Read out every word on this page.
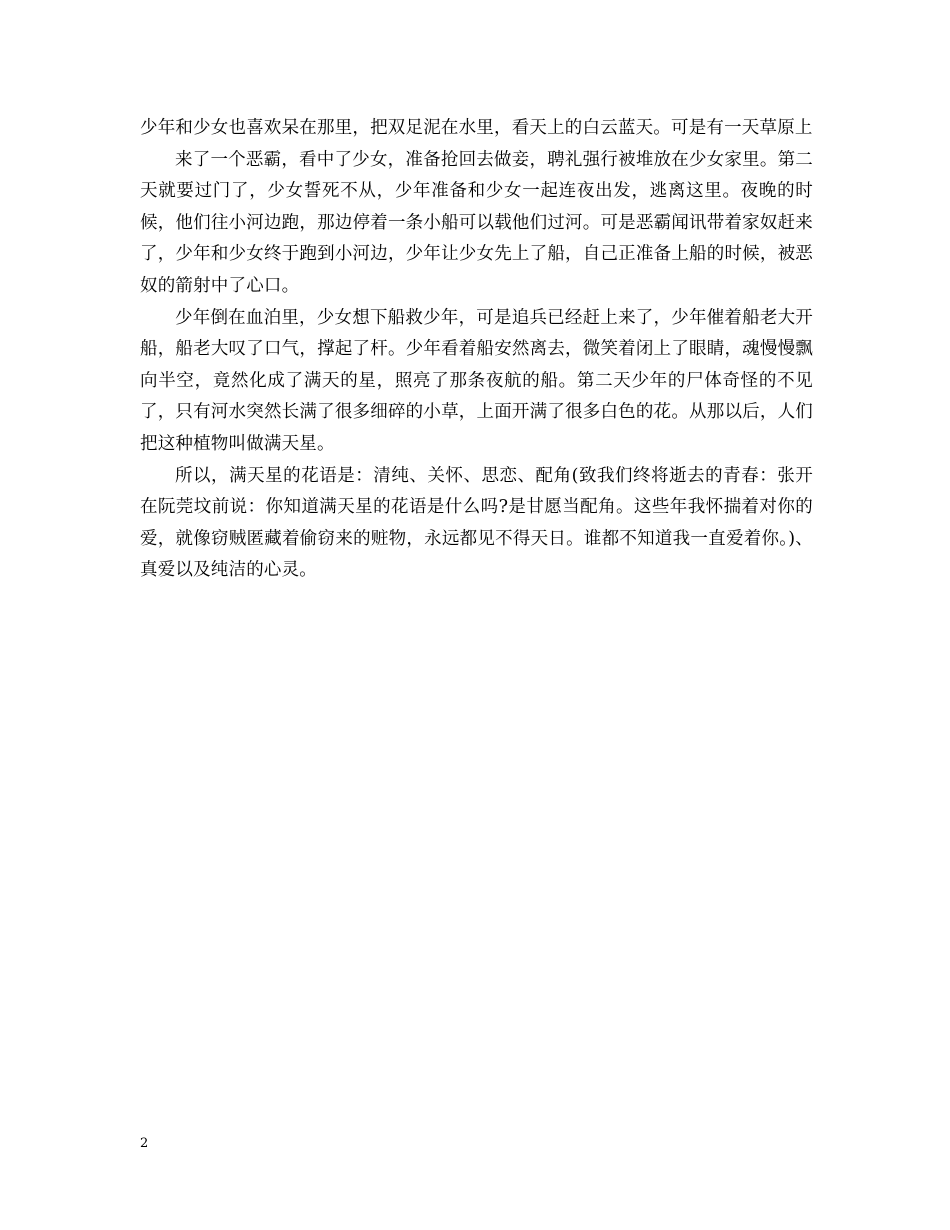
少年和少女也喜欢呆在那里，把双足泥在水里，看天上的白云蓝天。可是有一天草原上

来了一个恶霸，看中了少女，准备抢回去做妾，聘礼强行被堆放在少女家里。第二天就要过门了，少女誓死不从，少年准备和少女一起连夜出发，逃离这里。夜晚的时候，他们往小河边跑，那边停着一条小船可以载他们过河。可是恶霸闻讯带着家奴赶来了，少年和少女终于跑到小河边，少年让少女先上了船，自己正准备上船的时候，被恶奴的箭射中了心口。

少年倒在血泊里，少女想下船救少年，可是追兵已经赶上来了，少年催着船老大开船，船老大叹了口气，撑起了杆。少年看着船安然离去，微笑着闭上了眼睛，魂慢慢飘向半空，竟然化成了满天的星，照亮了那条夜航的船。第二天少年的尸体奇怪的不见了，只有河水突然长满了很多细碎的小草，上面开满了很多白色的花。从那以后，人们把这种植物叫做满天星。

所以，满天星的花语是：清纯、关怀、思恋、配角(致我们终将逝去的青春：张开在阮莞坟前说：你知道满天星的花语是什么吗?是甘愿当配角。这些年我怀揣着对你的爱，就像窃贼匿藏着偷窃来的赃物，永远都见不得天日。谁都不知道我一直爱着你。)、真爱以及纯洁的心灵。

2
